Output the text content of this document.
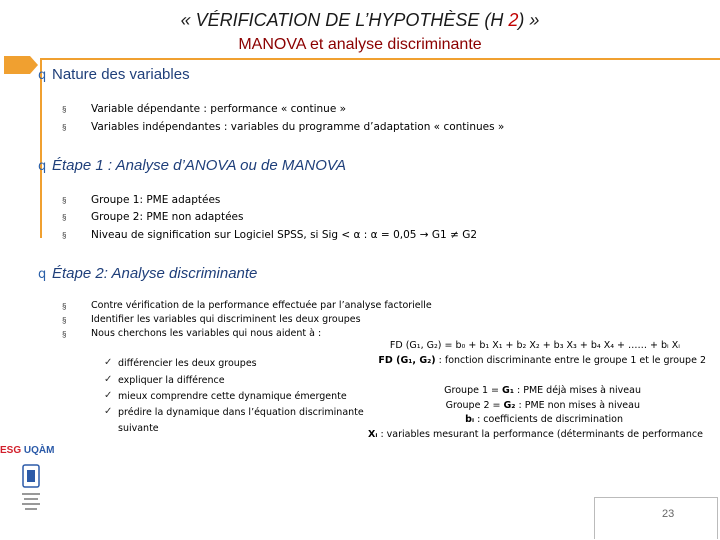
« VÉRIFICATION DE L’HYPOTHÈSE (H 2) »
MANOVA et analyse discriminante
q Nature des variables
§ Variable dépendante : performance « continue »
§ Variables indépendantes : variables du programme d’adaptation « continues »
q Étape 1 : Analyse d’ANOVA ou de MANOVA
§ Groupe 1: PME adaptées
§ Groupe 2: PME non adaptées
§ Niveau de signification sur Logiciel SPSS, si Sig < α : α = 0,05 → G1 ≠ G2
q Étape 2: Analyse discriminante
§	Contre vérification de la performance effectuée par l’analyse factorielle
§	Identifier les variables qui discriminent les deux groupes
§	Nous cherchons les variables qui nous aident à :
✓ différencier les deux groupes
✓ expliquer la différence
✓ mieux comprendre cette dynamique émergente
✓ prédire la dynamique dans l’équation discriminante
suivante
FD (G₁, G₂) = b₀ + b₁ X₁ + b₂ X₂ + b₃ X₃ + b₄ X₄ + …… + bᵢ Xᵢ
FD (G₁, G₂) : fonction discriminante entre le groupe 1 et le groupe 2
Groupe 1 = G₁ : PME déjà mises à niveau
Groupe 2 = G₂ : PME non mises à niveau
bᵢ : coefficients de discrimination
Xᵢ : variables mesurant la performance (déterminants de performance
ESG UQÀM
23
